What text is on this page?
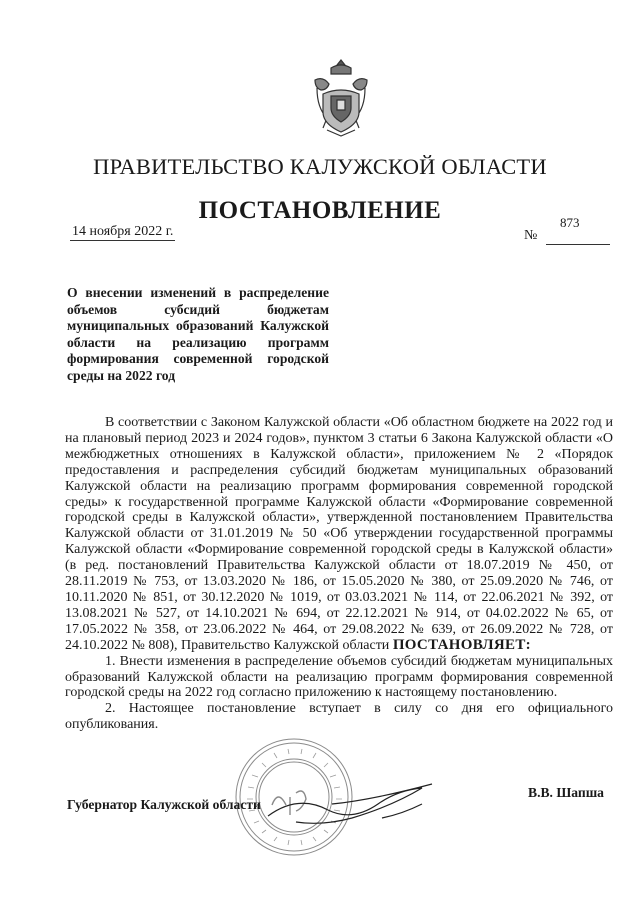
ПРАВИТЕЛЬСТВО КАЛУЖСКОЙ ОБЛАСТИ
ПОСТАНОВЛЕНИЕ
14 ноября 2022 г.	№
873
О внесении изменений в распределение
объемов субсидий бюджетам
муниципальных образований Калужской
области на реализацию программ
формирования современной городской
среды на 2022 год

В соответствии с Законом Калужской области «Об областном бюджете на 2022 год и на плановый период 2023 и 2024 годов», пунктом 3 статьи 6 Закона Калужской области «О межбюджетных отношениях в Калужской области», приложением № 2 «Порядок предоставления и распределения субсидий бюджетам муниципальных образований Калужской области на реализацию программ формирования современной городской среды» к государственной программе Калужской области «Формирование современной городской среды в Калужской области», утвержденной постановлением Правительства Калужской области от 31.01.2019 № 50 «Об утверждении государственной программы Калужской области «Формирование современной городской среды в Калужской области» (в ред. постановлений Правительства Калужской области от 18.07.2019 № 450, от 28.11.2019 № 753, от 13.03.2020 № 186, от 15.05.2020 № 380, от 25.09.2020 № 746, от 10.11.2020 № 851, от 30.12.2020 № 1019, от 03.03.2021 № 114, от 22.06.2021 № 392, от 13.08.2021 № 527, от 14.10.2021 № 694, от 22.12.2021 № 914, от 04.02.2022 № 65, от 17.05.2022 № 358, от 23.06.2022 № 464, от 29.08.2022 № 639, от 26.09.2022 № 728, от 24.10.2022 № 808), Правительство Калужской области ПОСТАНОВЛЯЕТ:

1. Внести изменения в распределение объемов субсидий бюджетам муниципальных образований Калужской области на реализацию программ формирования современной городской среды на 2022 год согласно приложению к настоящему постановлению.

2. Настоящее постановление вступает в силу со дня его официального опубликования.

Губернатор Калужской области
В.В. Шапша
